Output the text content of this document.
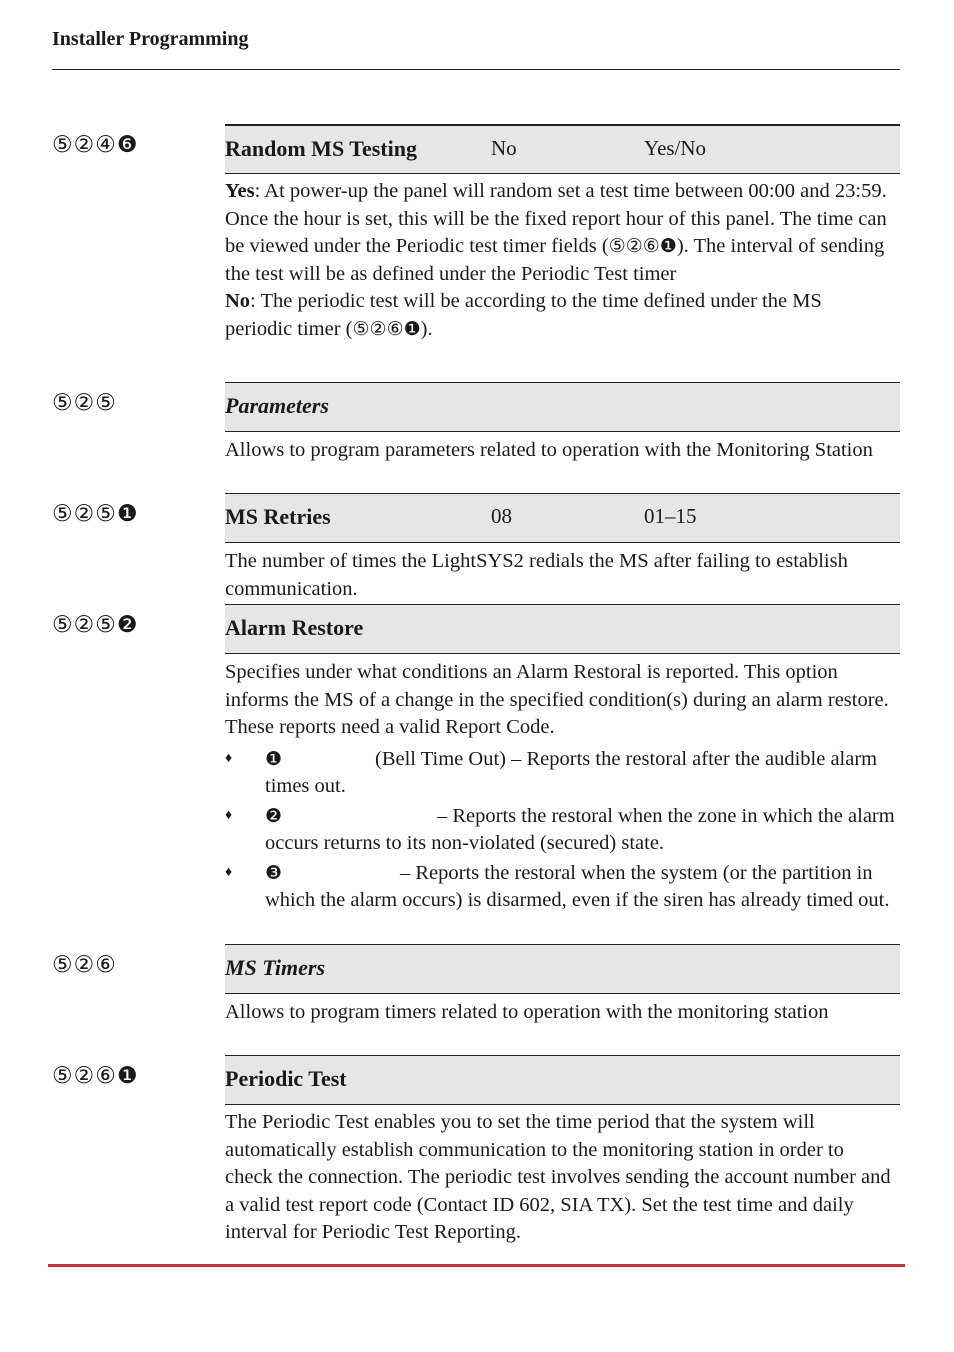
Installer Programming
⑤②④❻	Random MS Testing	No	Yes/No

Yes: At power-up the panel will random set a test time between 00:00 and 23:59. Once the hour is set, this will be the fixed report hour of this panel. The time can be viewed under the Periodic test timer fields (⑤②⑥❶). The interval of sending the test will be as defined under the Periodic Test timer

No: The periodic test will be according to the time defined under the MS periodic timer (⑤②⑥❶).

⑤②⑤	Parameters

Allows to program parameters related to operation with the Monitoring Station

⑤②⑤❶	MS Retries	08	01–15

The number of times the LightSYS2 redials the MS after failing to establish communication.

⑤②⑤❷	Alarm Restore

Specifies under what conditions an Alarm Restoral is reported. This option informs the MS of a change in the specified condition(s) during an alarm restore. These reports need a valid Report Code.

♦ ❶	(Bell Time Out) – Reports the restoral after the audible alarm times out.
♦ ❷	– Reports the restoral when the zone in which the alarm occurs returns to its non-violated (secured) state.
♦ ❸	– Reports the restoral when the system (or the partition in which the alarm occurs) is disarmed, even if the siren has already timed out.
⑤②⑥	MS Timers

Allows to program timers related to operation with the monitoring station

⑤②⑥❶	Periodic Test

The Periodic Test enables you to set the time period that the system will automatically establish communication to the monitoring station in order to check the connection. The periodic test involves sending the account number and a valid test report code (Contact ID 602, SIA TX). Set the test time and daily interval for Periodic Test Reporting.
